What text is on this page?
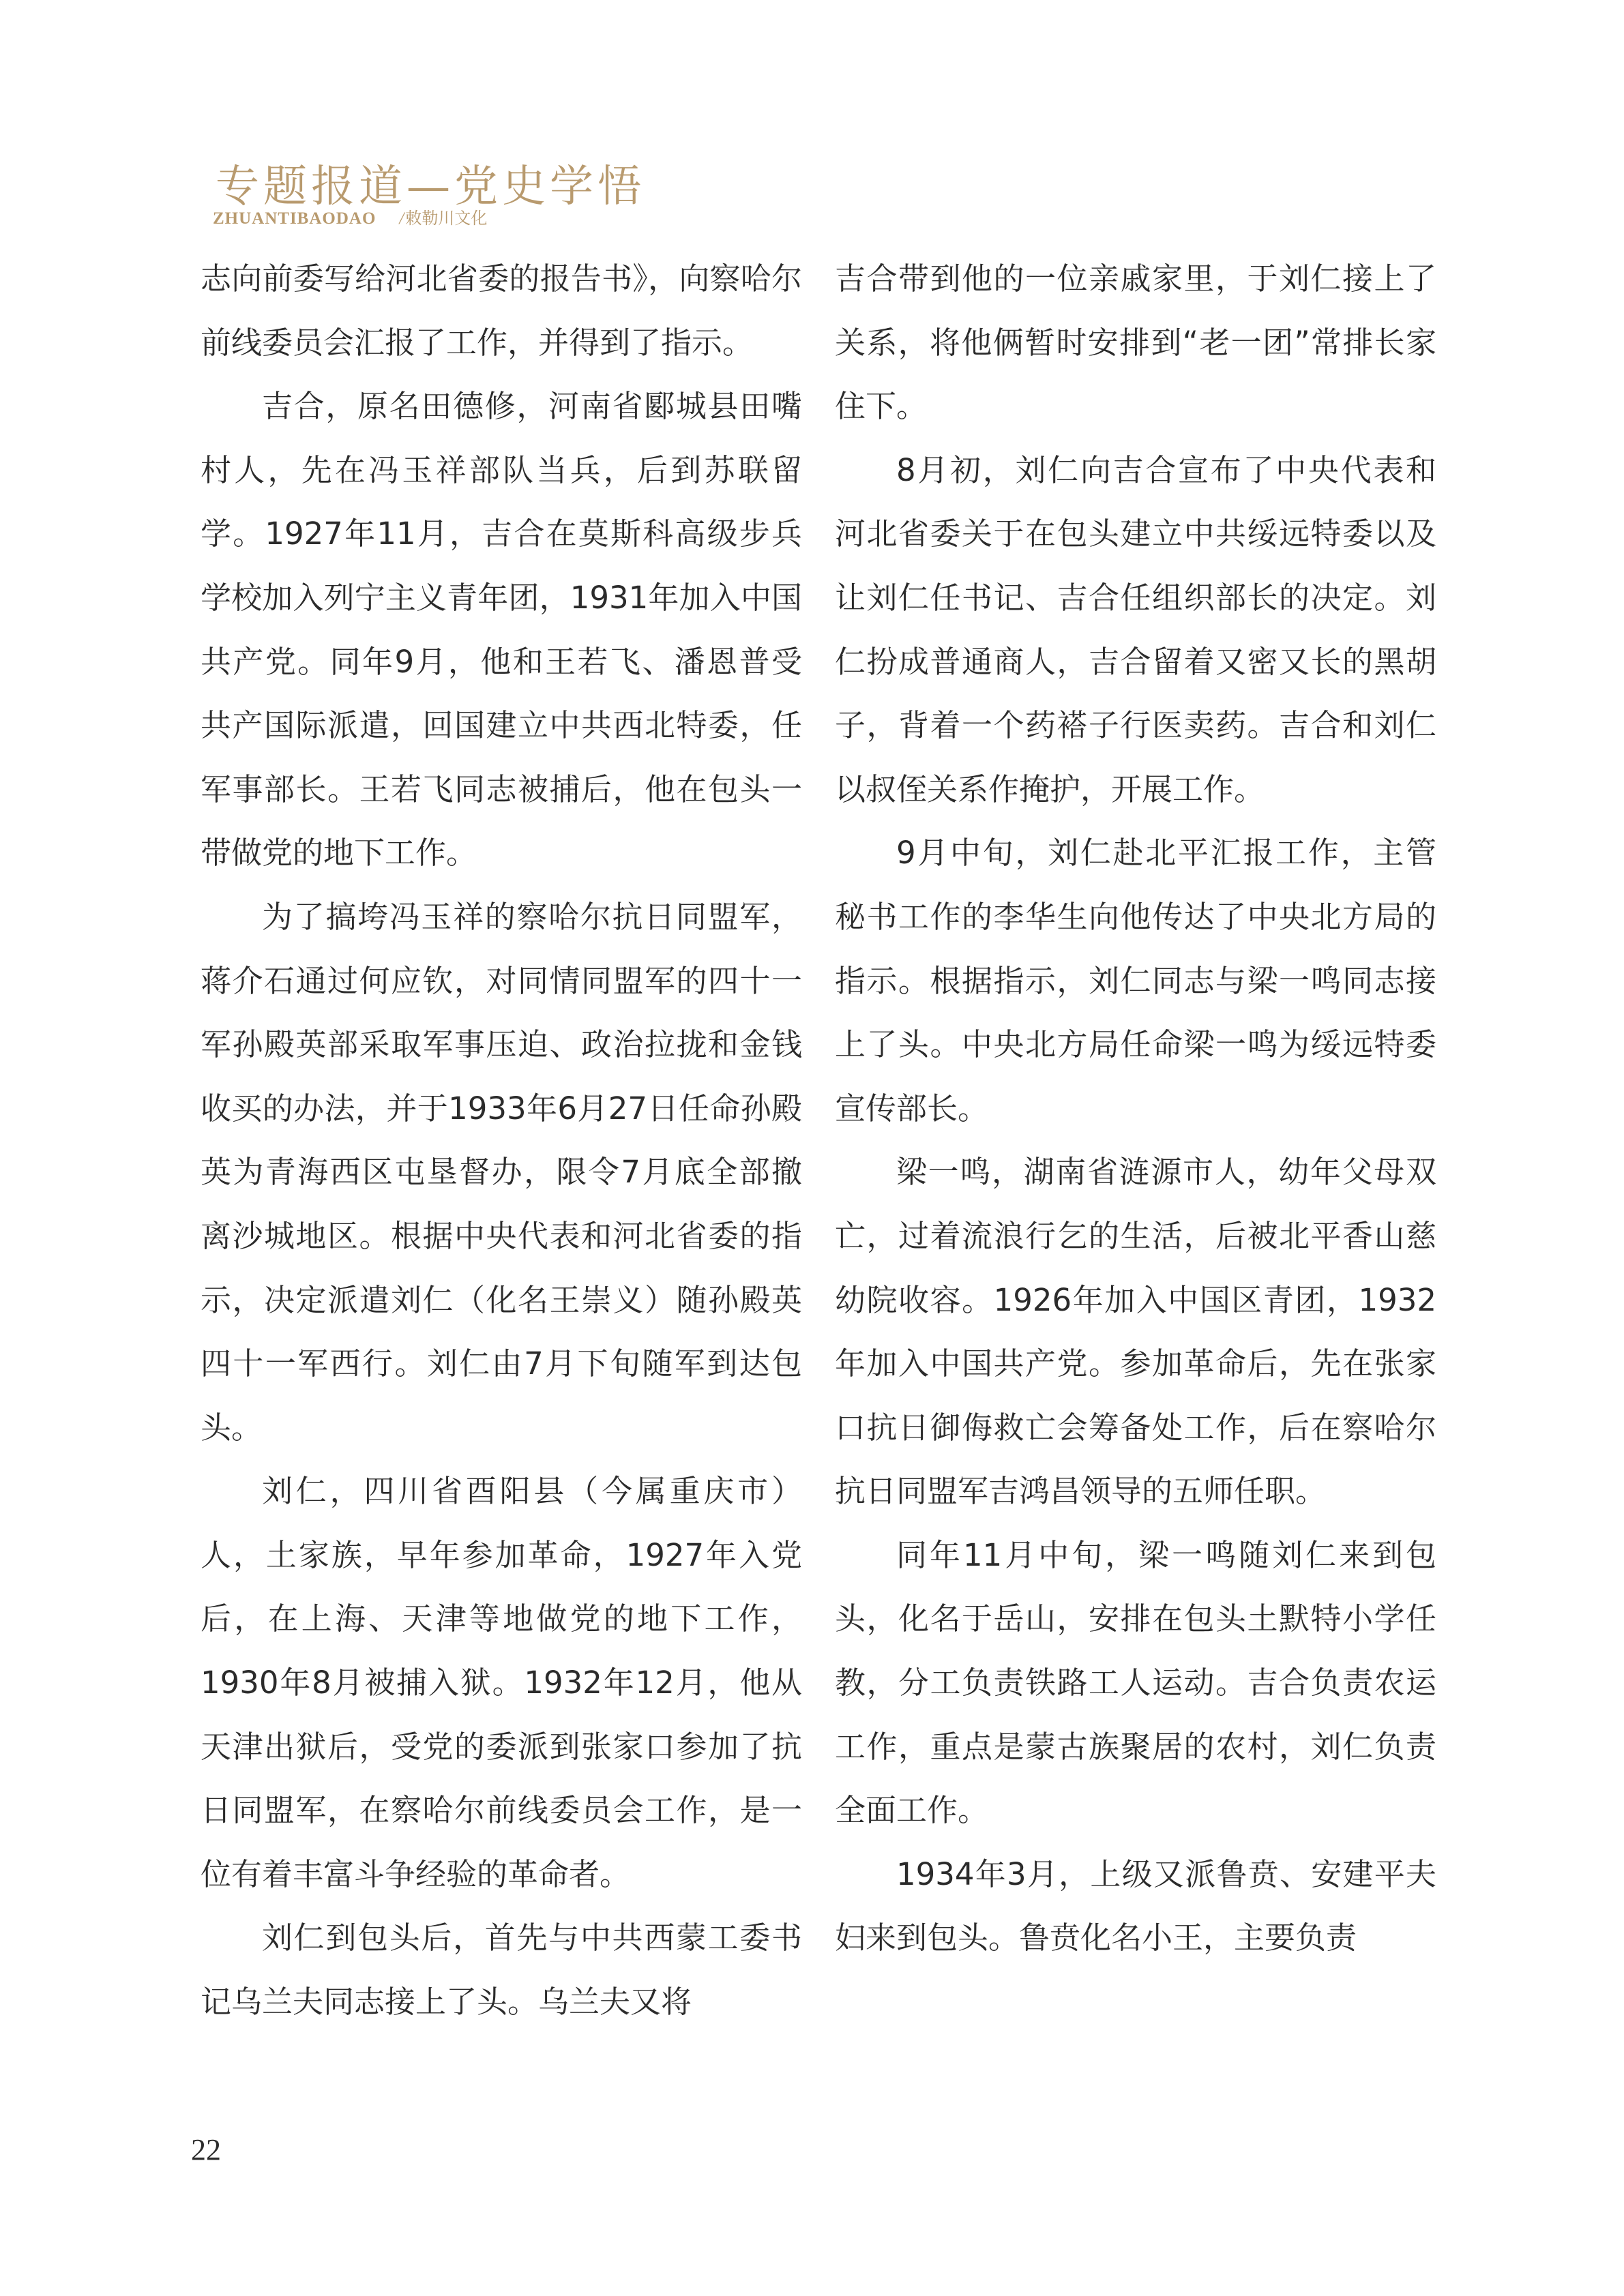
专题报道—党史学悟
ZHUANTIBAODAO /敕勒川文化

志向前委写给河北省委的报告书》，向察哈尔前线委员会汇报了工作，并得到了指示。

吉合，原名田德修，河南省郾城县田嘴村人，先在冯玉祥部队当兵，后到苏联留学。1927年11月，吉合在莫斯科高级步兵学校加入列宁主义青年团，1931年加入中国共产党。同年9月，他和王若飞、潘恩普受共产国际派遣，回国建立中共西北特委，任军事部长。王若飞同志被捕后，他在包头一带做党的地下工作。

为了搞垮冯玉祥的察哈尔抗日同盟军，蒋介石通过何应钦，对同情同盟军的四十一军孙殿英部采取军事压迫、政治拉拢和金钱收买的办法，并于1933年6月27日任命孙殿英为青海西区屯垦督办，限令7月底全部撤离沙城地区。根据中央代表和河北省委的指示，决定派遣刘仁（化名王崇义）随孙殿英四十一军西行。刘仁由7月下旬随军到达包头。

刘仁，四川省酉阳县（今属重庆市）人，土家族，早年参加革命，1927年入党后，在上海、天津等地做党的地下工作，1930年8月被捕入狱。1932年12月，他从天津出狱后，受党的委派到张家口参加了抗日同盟军，在察哈尔前线委员会工作，是一位有着丰富斗争经验的革命者。

刘仁到包头后，首先与中共西蒙工委书记乌兰夫同志接上了头。乌兰夫又将

吉合带到他的一位亲戚家里，于刘仁接上了关系，将他俩暂时安排到“老一团”常排长家住下。

8月初，刘仁向吉合宣布了中央代表和河北省委关于在包头建立中共绥远特委以及让刘仁任书记、吉合任组织部长的决定。刘仁扮成普通商人，吉合留着又密又长的黑胡子，背着一个药褡子行医卖药。吉合和刘仁以叔侄关系作掩护，开展工作。

9月中旬，刘仁赴北平汇报工作，主管秘书工作的李华生向他传达了中央北方局的指示。根据指示，刘仁同志与梁一鸣同志接上了头。中央北方局任命梁一鸣为绥远特委宣传部长。

梁一鸣，湖南省涟源市人，幼年父母双亡，过着流浪行乞的生活，后被北平香山慈幼院收容。1926年加入中国区青团，1932年加入中国共产党。参加革命后，先在张家口抗日御侮救亡会筹备处工作，后在察哈尔抗日同盟军吉鸿昌领导的五师任职。

同年11月中旬，梁一鸣随刘仁来到包头，化名于岳山，安排在包头土默特小学任教，分工负责铁路工人运动。吉合负责农运工作，重点是蒙古族聚居的农村，刘仁负责全面工作。

1934年3月，上级又派鲁贲、安建平夫妇来到包头。鲁贲化名小王，主要负责

22
